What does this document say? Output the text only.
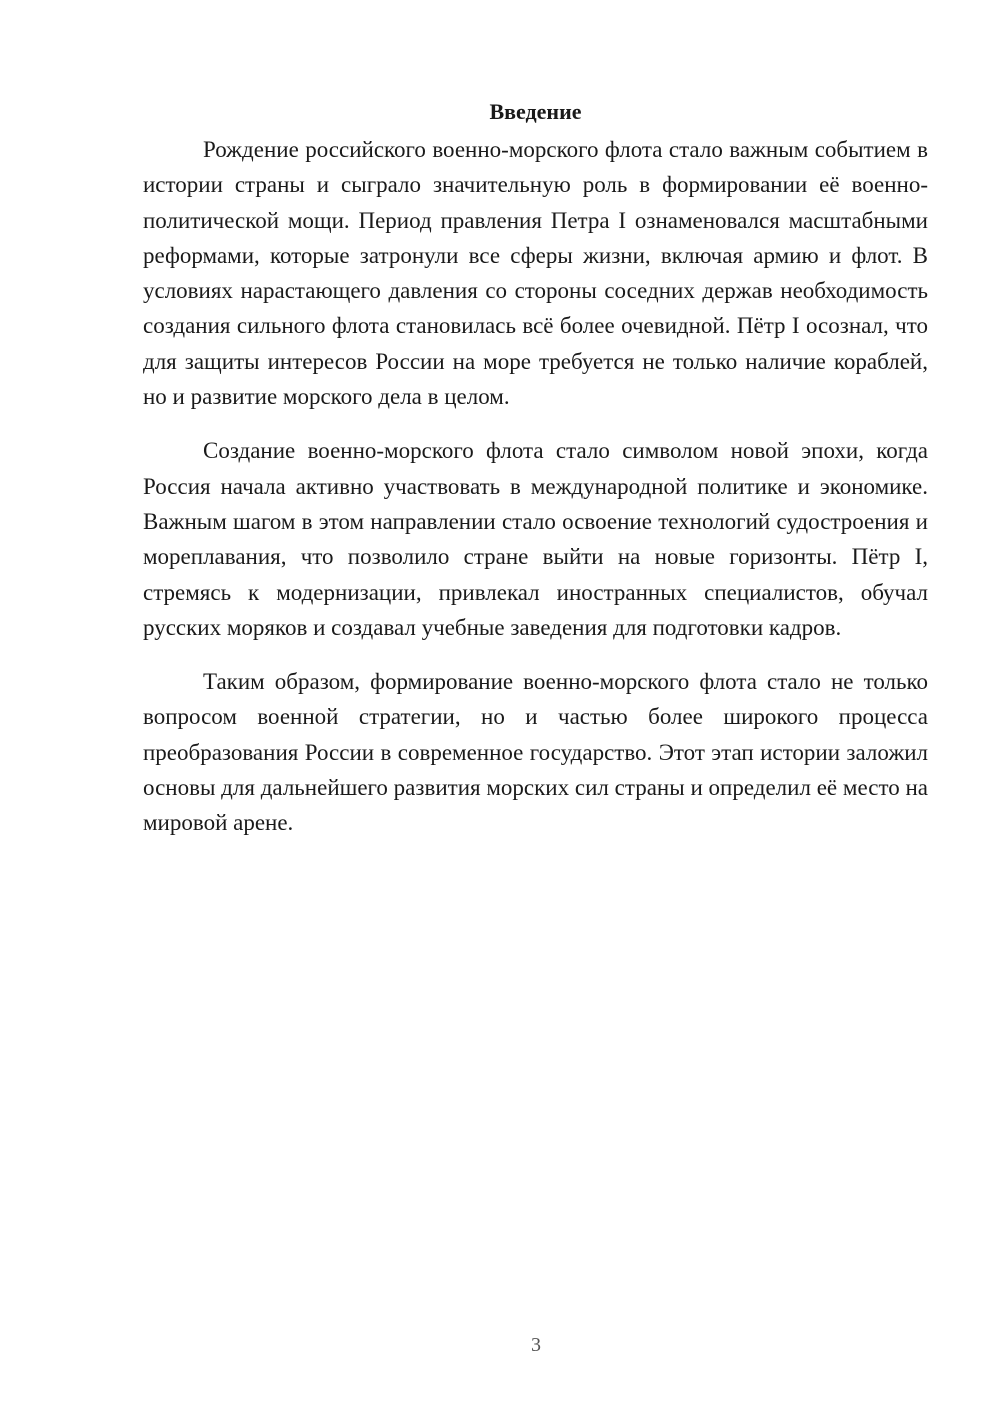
Введение

Рождение российского военно-морского флота стало важным событием в истории страны и сыграло значительную роль в формировании её военно-политической мощи. Период правления Петра I ознаменовался масштабными реформами, которые затронули все сферы жизни, включая армию и флот. В условиях нарастающего давления со стороны соседних держав необходимость создания сильного флота становилась всё более очевидной. Пётр I осознал, что для защиты интересов России на море требуется не только наличие кораблей, но и развитие морского дела в целом.

Создание военно-морского флота стало символом новой эпохи, когда Россия начала активно участвовать в международной политике и экономике. Важным шагом в этом направлении стало освоение технологий судостроения и мореплавания, что позволило стране выйти на новые горизонты. Пётр I, стремясь к модернизации, привлекал иностранных специалистов, обучал русских моряков и создавал учебные заведения для подготовки кадров.

Таким образом, формирование военно-морского флота стало не только вопросом военной стратегии, но и частью более широкого процесса преобразования России в современное государство. Этот этап истории заложил основы для дальнейшего развития морских сил страны и определил её место на мировой арене.

3
